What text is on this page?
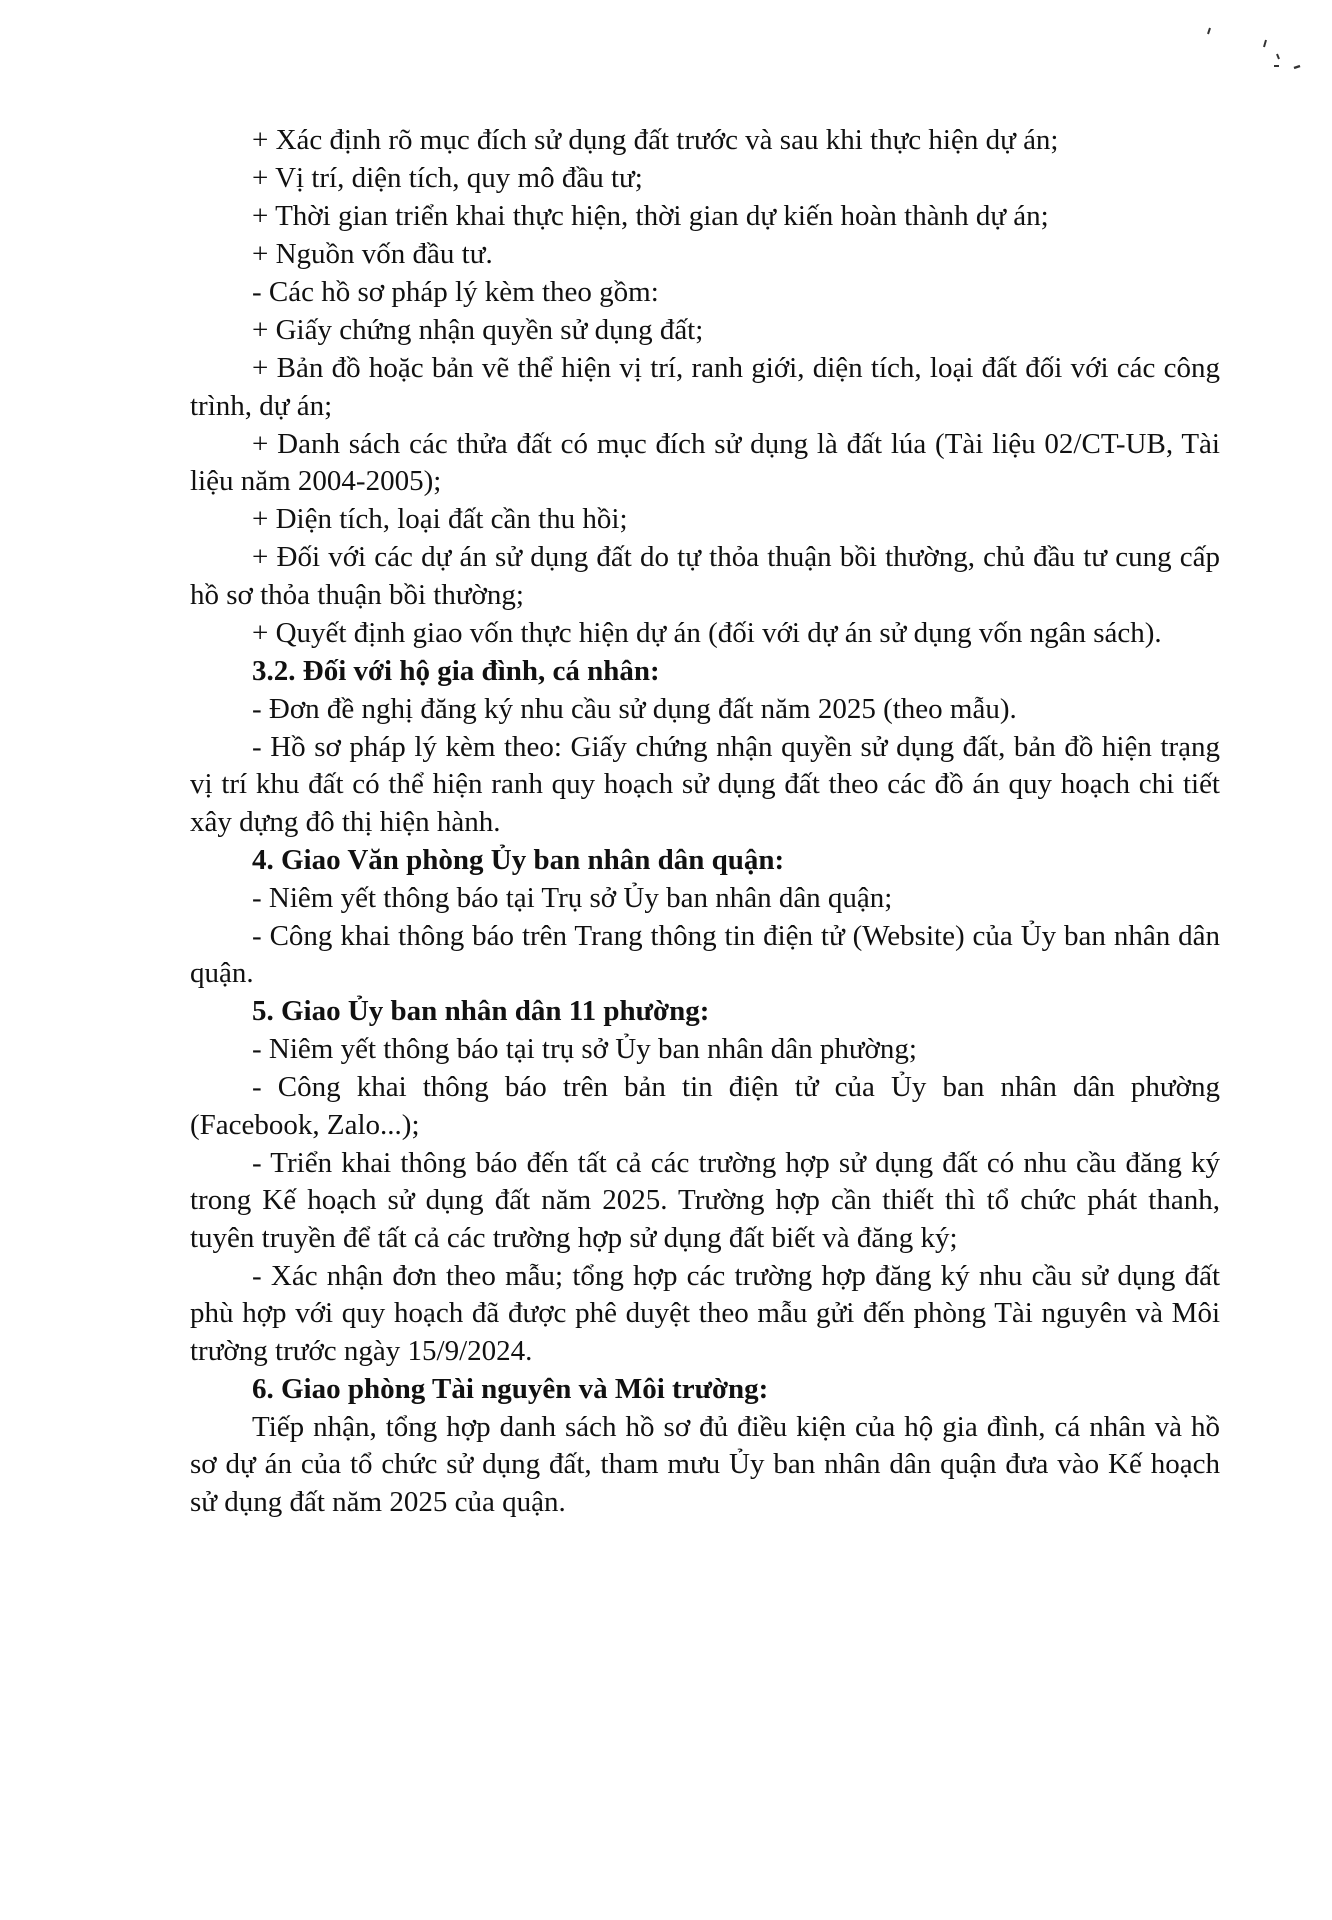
+ Xác định rõ mục đích sử dụng đất trước và sau khi thực hiện dự án;

+ Vị trí, diện tích, quy mô đầu tư;

+ Thời gian triển khai thực hiện, thời gian dự kiến hoàn thành dự án;

+ Nguồn vốn đầu tư.

- Các hồ sơ pháp lý kèm theo gồm:

+ Giấy chứng nhận quyền sử dụng đất;

+ Bản đồ hoặc bản vẽ thể hiện vị trí, ranh giới, diện tích, loại đất đối với các công trình, dự án;

+ Danh sách các thửa đất có mục đích sử dụng là đất lúa (Tài liệu 02/CT-UB, Tài liệu năm 2004-2005);

+ Diện tích, loại đất cần thu hồi;

+ Đối với các dự án sử dụng đất do tự thỏa thuận bồi thường, chủ đầu tư cung cấp hồ sơ thỏa thuận bồi thường;

+ Quyết định giao vốn thực hiện dự án (đối với dự án sử dụng vốn ngân sách).

3.2. Đối với hộ gia đình, cá nhân:

- Đơn đề nghị đăng ký nhu cầu sử dụng đất năm 2025 (theo mẫu).

- Hồ sơ pháp lý kèm theo: Giấy chứng nhận quyền sử dụng đất, bản đồ hiện trạng vị trí khu đất có thể hiện ranh quy hoạch sử dụng đất theo các đồ án quy hoạch chi tiết xây dựng đô thị hiện hành.

4. Giao Văn phòng Ủy ban nhân dân quận:

- Niêm yết thông báo tại Trụ sở Ủy ban nhân dân quận;

- Công khai thông báo trên Trang thông tin điện tử (Website) của Ủy ban nhân dân quận.

5. Giao Ủy ban nhân dân 11 phường:

- Niêm yết thông báo tại trụ sở Ủy ban nhân dân phường;

- Công khai thông báo trên bản tin điện tử của Ủy ban nhân dân phường (Facebook, Zalo...);

- Triển khai thông báo đến tất cả các trường hợp sử dụng đất có nhu cầu đăng ký trong Kế hoạch sử dụng đất năm 2025. Trường hợp cần thiết thì tổ chức phát thanh, tuyên truyền để tất cả các trường hợp sử dụng đất biết và đăng ký;

- Xác nhận đơn theo mẫu; tổng hợp các trường hợp đăng ký nhu cầu sử dụng đất phù hợp với quy hoạch đã được phê duyệt theo mẫu gửi đến phòng Tài nguyên và Môi trường trước ngày 15/9/2024.

6. Giao phòng Tài nguyên và Môi trường:

Tiếp nhận, tổng hợp danh sách hồ sơ đủ điều kiện của hộ gia đình, cá nhân và hồ sơ dự án của tổ chức sử dụng đất, tham mưu Ủy ban nhân dân quận đưa vào Kế hoạch sử dụng đất năm 2025 của quận.
